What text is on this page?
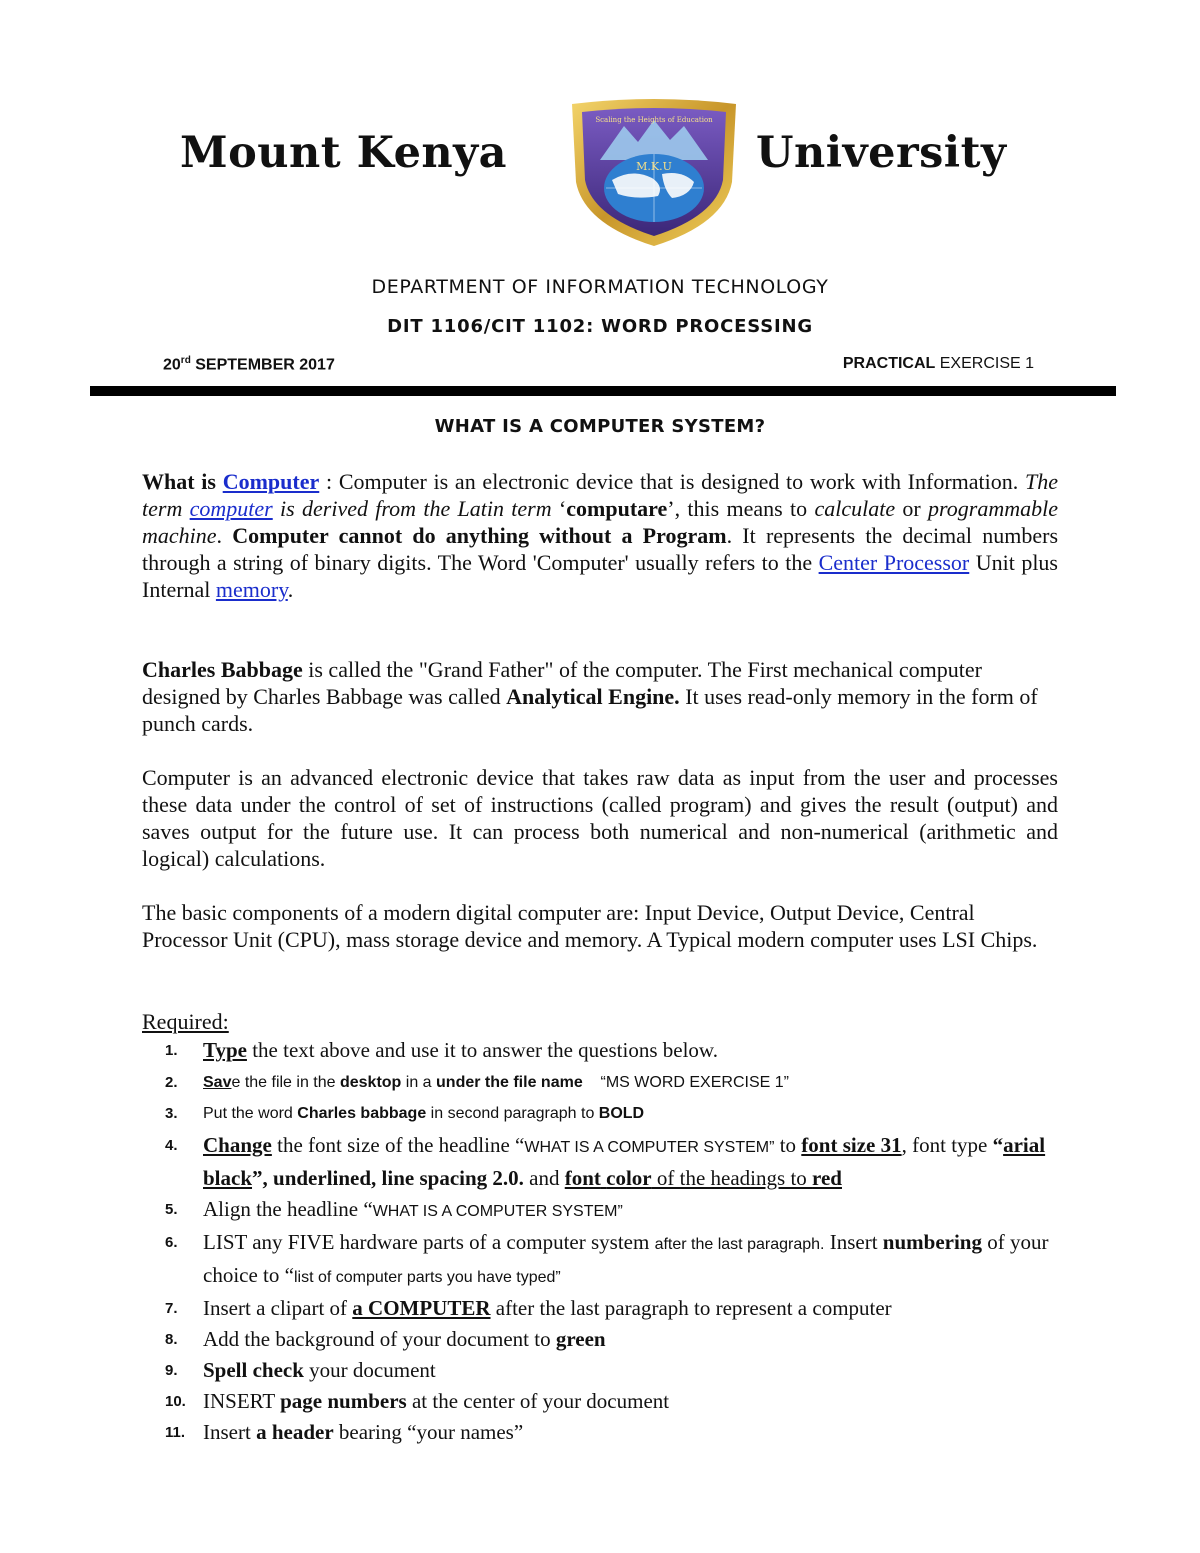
Mount Kenya
Scaling the Heights of Education
M.K.U University
DEPARTMENT OF INFORMATION TECHNOLOGY
DIT 1106/CIT 1102: WORD PROCESSING
20rd SEPTEMBER 2017	PRACTICAL EXERCISE 1
WHAT IS A COMPUTER SYSTEM?
What is Computer : Computer is an electronic device that is designed to work with Information. The term computer is derived from the Latin term ‘computare’, this means to calculate or programmable machine. Computer cannot do anything without a Program. It represents the decimal numbers through a string of binary digits. The Word 'Computer' usually refers to the Center Processor Unit plus Internal memory.
Charles Babbage is called the "Grand Father" of the computer. The First mechanical computer designed by Charles Babbage was called Analytical Engine. It uses read-only memory in the form of punch cards.
Computer is an advanced electronic device that takes raw data as input from the user and processes these data under the control of set of instructions (called program) and gives the result (output) and saves output for the future use. It can process both numerical and non-numerical (arithmetic and logical) calculations.
The basic components of a modern digital computer are: Input Device, Output Device, Central Processor Unit (CPU), mass storage device and memory. A Typical modern computer uses LSI Chips.
Required:
1. Type the text above and use it to answer the questions below.
2. Save the file in the desktop in a under the file name “MS WORD EXERCISE 1”
3. Put the word Charles babbage in second paragraph to BOLD
4. Change the font size of the headline “WHAT IS A COMPUTER SYSTEM” to font size 31, font type “arial black”, underlined, line spacing 2.0. and font color of the headings to red
5. Align the headline “WHAT IS A COMPUTER SYSTEM”
6. LIST any FIVE hardware parts of a computer system after the last paragraph. Insert numbering of your choice to “list of computer parts you have typed”
7. Insert a clipart of a COMPUTER after the last paragraph to represent a computer
8. Add the background of your document to green
9. Spell check your document
10. INSERT page numbers at the center of your document
11. Insert a header bearing “your names”
